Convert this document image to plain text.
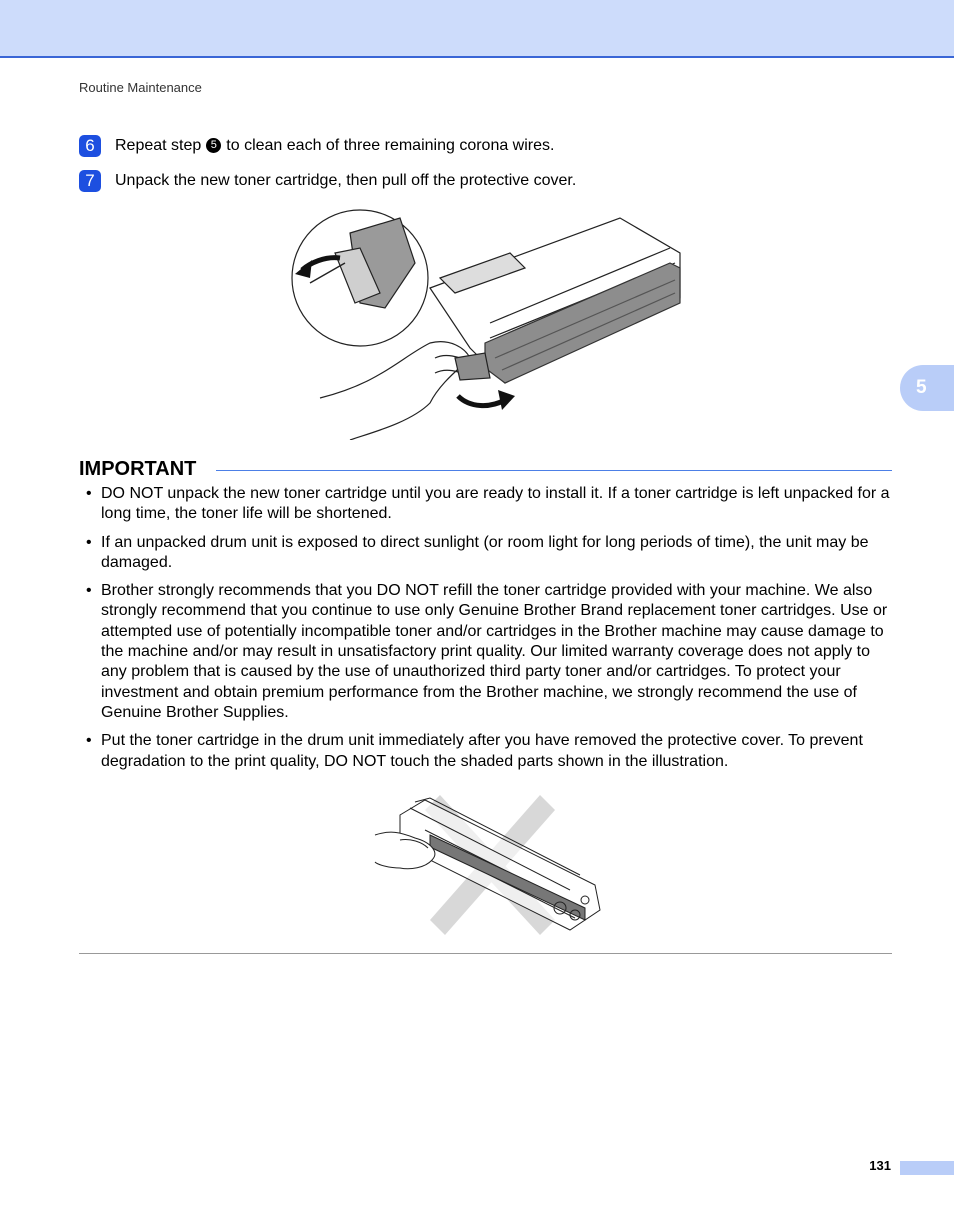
Routine Maintenance
6	Repeat step 5 to clean each of three remaining corona wires.
7	Unpack the new toner cartridge, then pull off the protective cover.
5
IMPORTANT
• DO NOT unpack the new toner cartridge until you are ready to install it. If a toner cartridge is left unpacked for a long time, the toner life will be shortened.
• If an unpacked drum unit is exposed to direct sunlight (or room light for long periods of time), the unit may be damaged.
• Brother strongly recommends that you DO NOT refill the toner cartridge provided with your machine. We also strongly recommend that you continue to use only Genuine Brother Brand replacement toner cartridges. Use or attempted use of potentially incompatible toner and/or cartridges in the Brother machine may cause damage to the machine and/or may result in unsatisfactory print quality. Our limited warranty coverage does not apply to any problem that is caused by the use of unauthorized third party toner and/or cartridges. To protect your investment and obtain premium performance from the Brother machine, we strongly recommend the use of Genuine Brother Supplies.
• Put the toner cartridge in the drum unit immediately after you have removed the protective cover. To prevent degradation to the print quality, DO NOT touch the shaded parts shown in the illustration.
131
